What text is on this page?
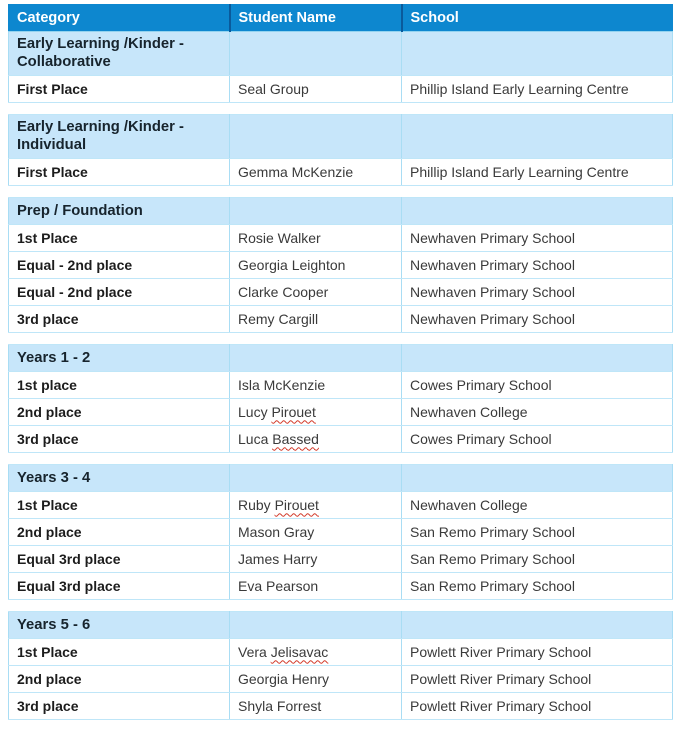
Category	Student Name	School
Early Learning /Kinder - Collaborative		
First Place	Seal Group	Phillip Island Early Learning Centre
Early Learning /Kinder - Individual		
First Place	Gemma McKenzie	Phillip Island Early Learning Centre
Prep / Foundation		
1st Place	Rosie Walker	Newhaven Primary School
Equal - 2nd place	Georgia Leighton	Newhaven Primary School
Equal - 2nd place	Clarke Cooper	Newhaven Primary School
3rd place	Remy Cargill	Newhaven Primary School
Years 1 - 2		
1st place	Isla McKenzie	Cowes Primary School
2nd place	Lucy Pirouet	Newhaven College
3rd place	Luca Bassed	Cowes Primary School
Years 3 - 4		
1st Place	Ruby Pirouet	Newhaven College
2nd place	Mason Gray	San Remo Primary School
Equal 3rd place	James Harry	San Remo Primary School
Equal 3rd place	Eva Pearson	San Remo Primary School
Years 5 - 6		
1st Place	Vera Jelisavac	Powlett River Primary School
2nd place	Georgia Henry	Powlett River Primary School
3rd place	Shyla Forrest	Powlett River Primary School
